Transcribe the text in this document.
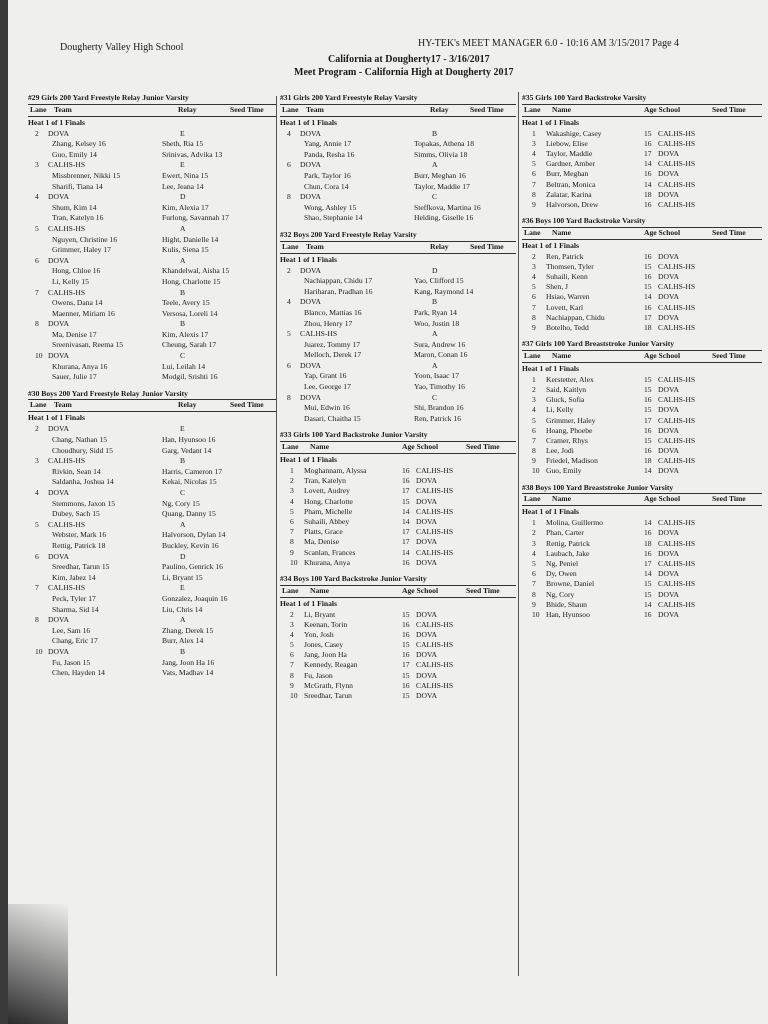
Dougherty Valley High School	HY-TEK's MEET MANAGER 6.0 - 10:16 AM 3/15/2017 Page 4
California at Dougherty17 - 3/16/2017
Meet Program - California High at Dougherty 2017
#29 Girls 200 Yard Freestyle Relay Junior Varsity
Lane Team	Relay	Seed Time
Heat 1 of 1 Finals
2 DOVA	E
Zhang, Kelsey 16	Sheth, Ria 15
Guo, Emily 14	Srinivas, Advika 13
3 CALHS-HS	E
Missbrenner, Nikki 15	Ewert, Nina 15
Sharifi, Tiana 14	Lee, Jeana 14
4 DOVA	D
Shum, Kim 14	Kim, Alexia 17
Tran, Katelyn 16	Furlong, Savannah 17
5 CALHS-HS	A
Nguyen, Christine 16	Hight, Danielle 14
Grimmer, Haley 17	Kulis, Siena 15
6 DOVA	A
Hong, Chloe 16	Khandelwal, Aisha 15
Li, Kelly 15	Hong, Charlotte 15
7 CALHS-HS	B
Owens, Dana 14	Teele, Avery 15
Maenner, Miriam 16	Versosa, Loreli 14
8 DOVA	B
Ma, Denise 17	Kim, Alexis 17
Sreenivasan, Reema 15	Cheung, Sarah 17
10 DOVA	C
Khurana, Anya 16	Lui, Leilah 14
Sauer, Julie 17	Modgil, Srishti 16
#30 Boys 200 Yard Freestyle Relay Junior Varsity
Lane Team	Relay	Seed Time
Heat 1 of 1 Finals
2 DOVA	E
Chang, Nathan 15	Han, Hyunsoo 16
Choudhury, Sidd 15	Garg, Vedant 14
3 CALHS-HS	B
Rivkin, Sean 14	Harris, Cameron 17
Saldanha, Joshua 14	Kekai, Nicolas 15
4 DOVA	C
Stemmons, Jaxon 15	Ng, Cory 15
Dubey, Sach 15	Quang, Danny 15
5 CALHS-HS	A
Webster, Mark 16	Halvorson, Dylan 14
Rettig, Patrick 18	Buckley, Kevin 16
6 DOVA	D
Sreedhar, Tarun 15	Paulino, Genrick 16
Kim, Jabez 14	Li, Bryant 15
7 CALHS-HS	E
Peck, Tyler 17	Gonzalez, Joaquin 16
Sharma, Sid 14	Liu, Chris 14
8 DOVA	A
Lee, Sam 16	Zhang, Derek 15
Chang, Eric 17	Burr, Alex 14
10 DOVA	B
Fu, Jason 15	Jang, Joon Ha 16
Chen, Hayden 14	Vats, Madhav 14
#31 Girls 200 Yard Freestyle Relay Varsity
Lane Team	Relay	Seed Time
Heat 1 of 1 Finals
4 DOVA	B
Yang, Annie 17	Topakas, Athena 18
Panda, Resha 16	Simms, Olivia 18
6 DOVA	A
Park, Taylor 16	Burr, Meghan 16
Chun, Cora 14	Taylor, Maddie 17
8 DOVA	C
Wong, Ashley 15	Steffkova, Martina 16
Shao, Stephanie 14	Helding, Giselle 16
#32 Boys 200 Yard Freestyle Relay Varsity
Lane Team	Relay	Seed Time
Heat 1 of 1 Finals
2 DOVA	D
Nachiappan, Chidu 17	Yao, Clifford 15
Hariharan, Pradhan 16	Kang, Raymond 14
4 DOVA	B
Blanco, Mattias 16	Park, Ryan 14
Zhou, Henry 17	Woo, Justin 18
5 CALHS-HS	A
Juarez, Tommy 17	Sura, Andrew 16
Melloch, Derek 17	Maron, Conan 16
6 DOVA	A
Yap, Grant 16	Yoon, Isaac 17
Lee, George 17	Yao, Timothy 16
8 DOVA	C
Mui, Edwin 16	Shi, Brandon 16
Dasari, Chaitha 15	Ren, Patrick 16
#33 Girls 100 Yard Backstroke Junior Varsity
Lane Name	Age School	Seed Time
Heat 1 of 1 Finals
1 Moghannam, Alyssa	16 CALHS-HS
2 Tran, Katelyn	16 DOVA
3 Lovett, Audrey	17 CALHS-HS
4 Hong, Charlotte	15 DOVA
5 Pham, Michelle	14 CALHS-HS
6 Suhaili, Abbey	14 DOVA
7 Platts, Grace	17 CALHS-HS
8 Ma, Denise	17 DOVA
9 Scanlan, Frances	14 CALHS-HS
10 Khurana, Anya	16 DOVA
#34 Boys 100 Yard Backstroke Junior Varsity
Lane Name	Age School	Seed Time
Heat 1 of 1 Finals
2 Li, Bryant	15 DOVA
3 Keenan, Torin	16 CALHS-HS
4 Yon, Josh	16 DOVA
5 Jones, Casey	15 CALHS-HS
6 Jang, Joon Ha	16 DOVA
7 Kennedy, Reagan	17 CALHS-HS
8 Fu, Jason	15 DOVA
9 McGrath, Flynn	16 CALHS-HS
10 Sreedhar, Tarun	15 DOVA
#35 Girls 100 Yard Backstroke Varsity
Lane Name	Age School	Seed Time
Heat 1 of 1 Finals
1 Wakashige, Casey	15 CALHS-HS
3 Liebow, Elise	16 CALHS-HS
4 Taylor, Maddie	17 DOVA
5 Gardner, Amber	14 CALHS-HS
6 Burr, Meghan	16 DOVA
7 Beltran, Monica	14 CALHS-HS
8 Zalatar, Karina	18 DOVA
9 Halvorson, Drew	16 CALHS-HS
#36 Boys 100 Yard Backstroke Varsity
Lane Name	Age School	Seed Time
Heat 1 of 1 Finals
2 Ren, Patrick	16 DOVA
3 Thomsen, Tyler	15 CALHS-HS
4 Suhaili, Kenn	16 DOVA
5 Shen, J	15 CALHS-HS
6 Hsiao, Warren	14 DOVA
7 Lovett, Karl	16 CALHS-HS
8 Nachiappan, Chidu	17 DOVA
9 Botelho, Tedd	18 CALHS-HS
#37 Girls 100 Yard Breaststroke Junior Varsity
Lane Name	Age School	Seed Time
Heat 1 of 1 Finals
1 Kerstetter, Alex	15 CALHS-HS
2 Said, Kaitlyn	15 DOVA
3 Gluck, Sofia	16 CALHS-HS
4 Li, Kelly	15 DOVA
5 Grimmer, Haley	17 CALHS-HS
6 Hoang, Phoebe	16 DOVA
7 Cramer, Rhys	15 CALHS-HS
8 Lee, Jodi	16 DOVA
9 Friedel, Madison	18 CALHS-HS
10 Guo, Emily	14 DOVA
#38 Boys 100 Yard Breaststroke Junior Varsity
Lane Name	Age School	Seed Time
Heat 1 of 1 Finals
1 Molina, Guillermo	14 CALHS-HS
2 Phan, Carter	16 DOVA
3 Rettig, Patrick	18 CALHS-HS
4 Laubach, Jake	16 DOVA
5 Ng, Peniel	17 CALHS-HS
6 Dy, Owen	14 DOVA
7 Browne, Daniel	15 CALHS-HS
8 Ng, Cory	15 DOVA
9 Bhide, Shaun	14 CALHS-HS
10 Han, Hyunsoo	16 DOVA
